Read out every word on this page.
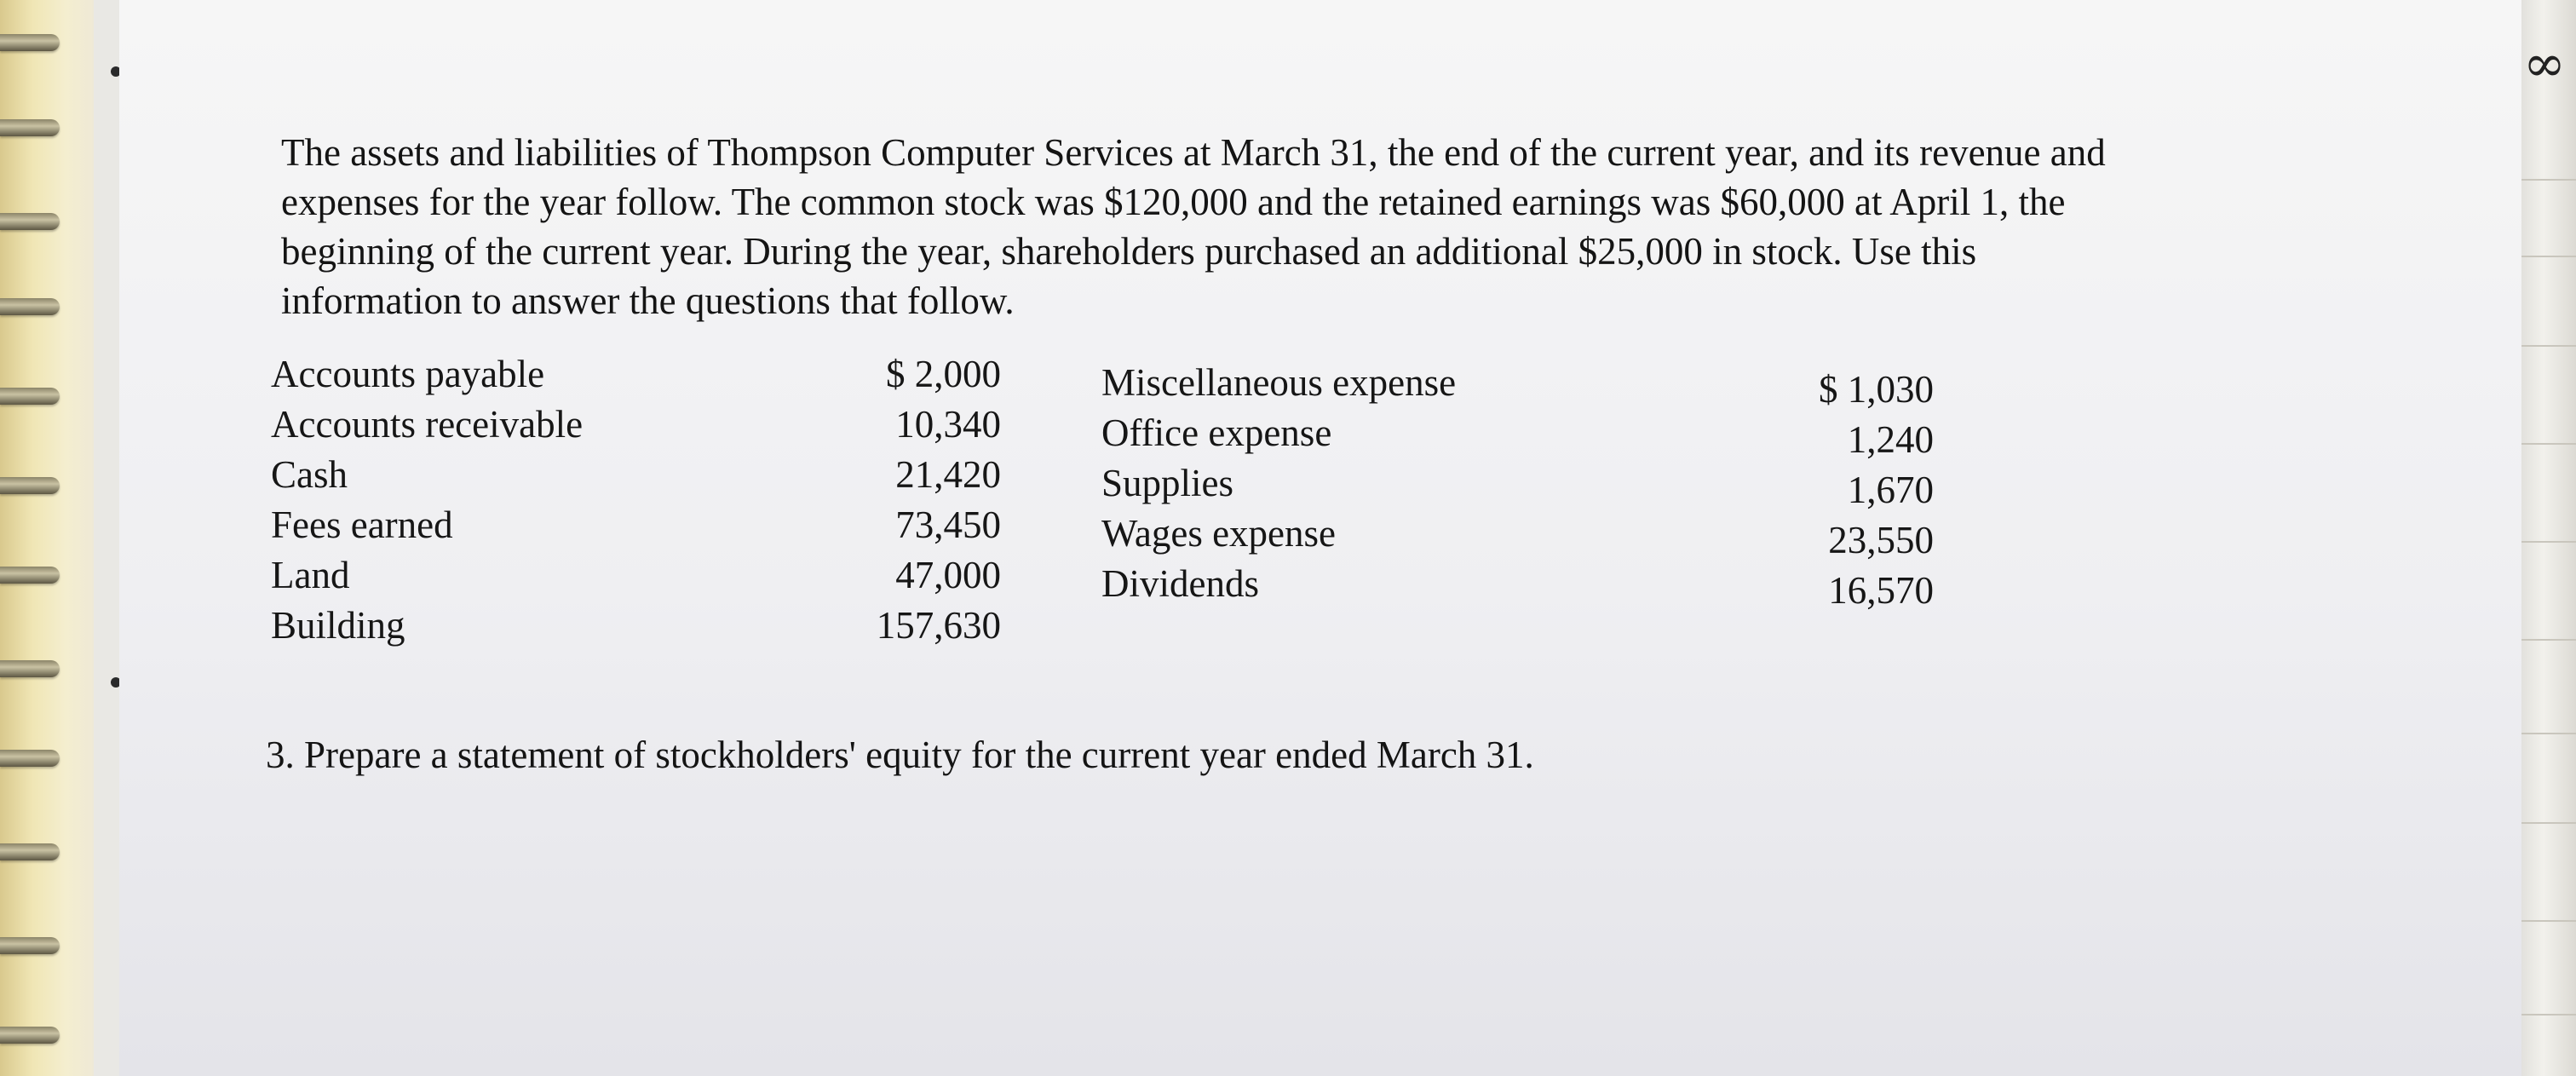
∞

The assets and liabilities of Thompson Computer Services at March 31, the end of the current year, and its revenue and
expenses for the year follow. The common stock was $120,000 and the retained earnings was $60,000 at April 1, the
beginning of the current year. During the year, shareholders purchased an additional $25,000 in stock. Use this
information to answer the questions that follow.

Accounts payable
Accounts receivable
Cash
Fees earned
Land
Building
$ 2,000
10,340
21,420
73,450
47,000
157,630
Miscellaneous expense
Office expense
Supplies
Wages expense
Dividends
$ 1,030
1,240
1,670
23,550
16,570

3. Prepare a statement of stockholders' equity for the current year ended March 31.
